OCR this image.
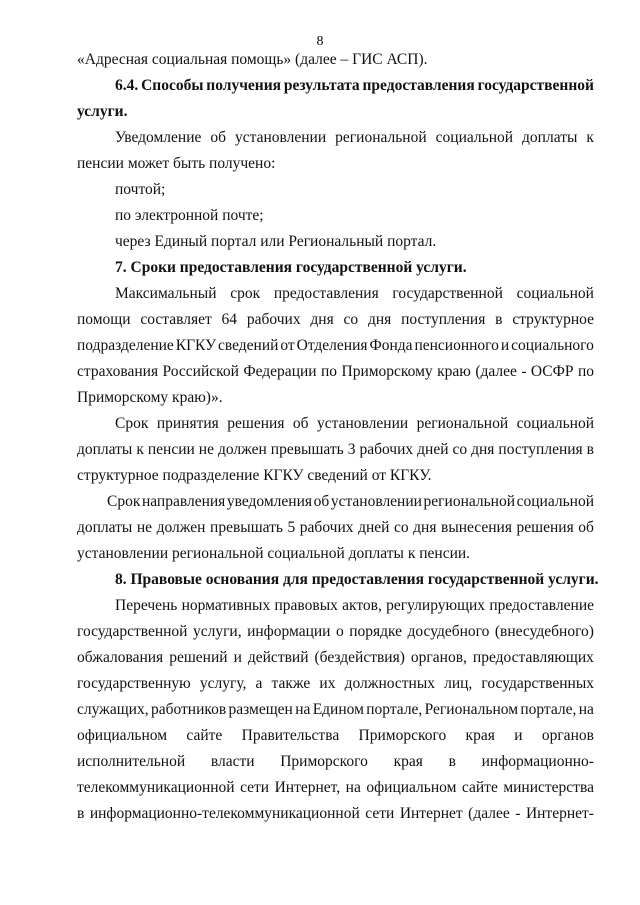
8
«Адресная социальная помощь» (далее – ГИС АСП).
6.4. Способы получения результата предоставления государственной
услуги.
Уведомление об установлении региональной социальной доплаты к
пенсии может быть получено:
почтой;
по электронной почте;
через Единый портал или Региональный портал.
7. Сроки предоставления государственной услуги.
Максимальный срок предоставления государственной социальной
помощи составляет 64 рабочих дня со дня поступления в структурное
подразделение КГКУ сведений от Отделения Фонда пенсионного и социального
страхования Российской Федерации по Приморскому краю (далее - ОСФР по
Приморскому краю)».
Срок принятия решения об установлении региональной социальной
доплаты к пенсии не должен превышать 3 рабочих дней со дня поступления в
структурное подразделение КГКУ сведений от КГКУ.
Срок направления уведомления об установлении региональной социальной
доплаты не должен превышать 5 рабочих дней со дня вынесения решения об
установлении региональной социальной доплаты к пенсии.
8. Правовые основания для предоставления государственной услуги.
Перечень нормативных правовых актов, регулирующих предоставление
государственной услуги, информации о порядке досудебного (внесудебного)
обжалования решений и действий (бездействия) органов, предоставляющих
государственную услугу, а также их должностных лиц, государственных
служащих, работников размещен на Едином портале, Региональном портале, на
официальном сайте Правительства Приморского края и органов
исполнительной власти Приморского края в информационно-
телекоммуникационной сети Интернет, на официальном сайте министерства
в информационно-телекоммуникационной сети Интернет (далее - Интернет-
